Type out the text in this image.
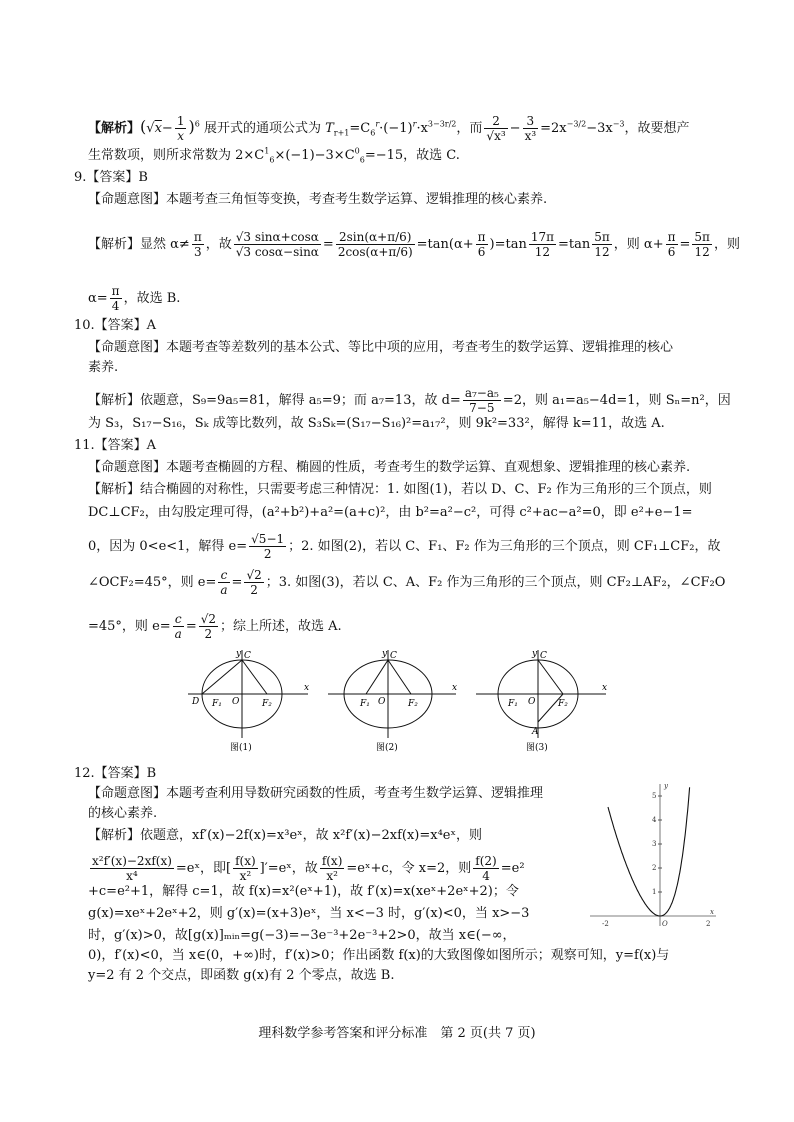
【解析】$(√x- \frac{1}{x} )^6$ 展开式的通项公式为 $T_{r+1}=C_6^r\cdot(-1)^r\cdot x^{3-3r/2}$，而 $\frac{2}{\text{√x³}} - \frac{3}{\text{x³}} =2x^{-3/2}-3x^{-3}$，故要想产
生常数项，则所求常数为 $2\times C^1_6\times(-1)-3\times C^0_6=-15$，故选 C.
9.【答案】B
【命题意图】本题考查三角恒等变换，考查考生数学运算、逻辑推理的核心素养.
【解析】显然 $\alpha\ne \frac{\pi}{3}$ ，故 $\frac{√3 \sin\alpha+\cos\alpha}{√3 \cos\alpha-\sin\alpha} = \frac{2\sin(\alpha+\pi/6)}{2\cos(\alpha+\pi/6)} =\tan(\alpha+ \frac{\pi}{6} )=\tan \frac{17\pi}{12} =\tan \frac{5\pi}{12}$ ，则 $\alpha+ \frac{\pi}{6} = \frac{5\pi}{12}$ ，则
$\alpha= \frac{\pi}{4}$ ，故选 B.
10.【答案】A
【命题意图】本题考查等差数列的基本公式、等比中项的应用，考查考生的数学运算、逻辑推理的核心
素养.
【解析】依题意，S₉=9a₅=81，解得 a₅=9；而 a₇=13，故 $d= \frac{\text{a₇−a₅}}{7-5} =2$，则 a₁=a₅−4d=1，则 Sₙ=n²，因
为 S₃，S₁₇−S₁₆，Sₖ 成等比数列，故 S₃Sₖ=(S₁₇−S₁₆)²=a₁₇²，则 9k²=33²，解得 k=11，故选 A.
11.【答案】A
【命题意图】本题考查椭圆的方程、椭圆的性质，考查考生的数学运算、直观想象、逻辑推理的核心素养.
【解析】结合椭圆的对称性，只需要考虑三种情况：1. 如图(1)，若以 D、C、F₂ 作为三角形的三个顶点，则
DC⊥CF₂，由勾股定理可得，(a²+b²)+a²=(a+c)²，由 b²=a²−c²，可得 c²+ac−a²=0，即 e²+e−1=
0，因为 0<e<1，解得 $e= \frac{√5-1}{2}$ ；2. 如图(2)，若以 C、F₁、F₂ 作为三角形的三个顶点，则 CF₁⊥CF₂，故
∠OCF₂=45°，则 $e= \frac{c}{a} = \frac{√2}{2}$ ；3. 如图(3)，若以 C、A、F₂ 作为三角形的三个顶点，则 CF₂⊥AF₂，∠CF₂O
=45°，则 $e= \frac{c}{a} = \frac{√2}{2}$ ；综上所述，故选 A.
y
x
C
D F₁ O	F₂
图(1)
y
x
C
F₁ O	F₂
图(2)
y
x
C
F₁ O	F₂
A
图(3)
12.【答案】B
【命题意图】本题考查利用导数研究函数的性质，考查考生数学运算、逻辑推理
的核心素养.
【解析】依题意，xf′(x)−2f(x)=x³eˣ，故 x²f′(x)−2xf(x)=x⁴eˣ，则
$\frac{\text{x²f′(x)−2xf(x)}}{\text{x⁴}}$ =eˣ，即[ $\frac{f(x)}{\text{x²}}$ ]′=eˣ，故 $\frac{f(x)}{\text{x²}}$ =eˣ+c，令 x=2，则 $\frac{f(2)}{4} =e^2$
+c=e²+1，解得 c=1，故 f(x)=x²(eˣ+1)，故 f′(x)=x(xeˣ+2eˣ+2)；令
g(x)=xeˣ+2eˣ+2，则 g′(x)=(x+3)eˣ，当 x<−3 时，g′(x)<0，当 x>−3
时，g′(x)>0，故[g(x)]ₘᵢₙ=g(−3)=−3e⁻³+2e⁻³+2>0，故当 x∈(−∞，
0)，f′(x)<0，当 x∈(0，+∞)时，f′(x)>0；作出函数 f(x)的大致图像如图所示；观察可知，y=f(x)与
y=2 有 2 个交点，即函数 g(x)有 2 个零点，故选 B.
y
x
5
4
3
2
1
-2	2
O
理科数学参考答案和评分标准　第 2 页(共 7 页)
